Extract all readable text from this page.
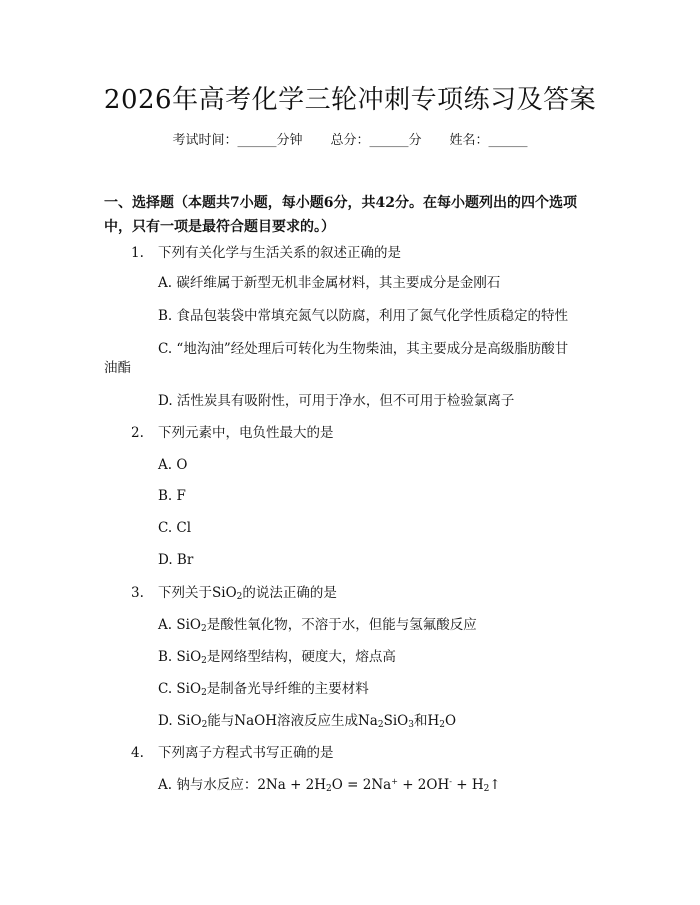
2026年高考化学三轮冲刺专项练习及答案
考试时间：______分钟 总分：______分 姓名：______
一、选择题（本题共7小题，每小题6分，共42分。在每小题列出的四个选项中，只有一项是最符合题目要求的。）
1. 下列有关化学与生活关系的叙述正确的是
A. 碳纤维属于新型无机非金属材料，其主要成分是金刚石
B. 食品包装袋中常填充氮气以防腐，利用了氮气化学性质稳定的特性
C. “地沟油”经处理后可转化为生物柴油，其主要成分是高级脂肪酸甘
油酯
D. 活性炭具有吸附性，可用于净水，但不可用于检验氯离子
2. 下列元素中，电负性最大的是
A. O
B. F
C. Cl
D. Br
3. 下列关于SiO$_2$的说法正确的是
A. SiO$_2$是酸性氧化物，不溶于水，但能与氢氟酸反应
B. SiO$_2$是网络型结构，硬度大，熔点高
C. SiO$_2$是制备光导纤维的主要材料
D. SiO$_2$能与NaOH溶液反应生成$Na_2SiO_3$和$H_2O$
4. 下列离子方程式书写正确的是
A. 钠与水反应：$2Na + 2H_2O = 2Na^+ + 2OH^-$ + $H_2↑$
